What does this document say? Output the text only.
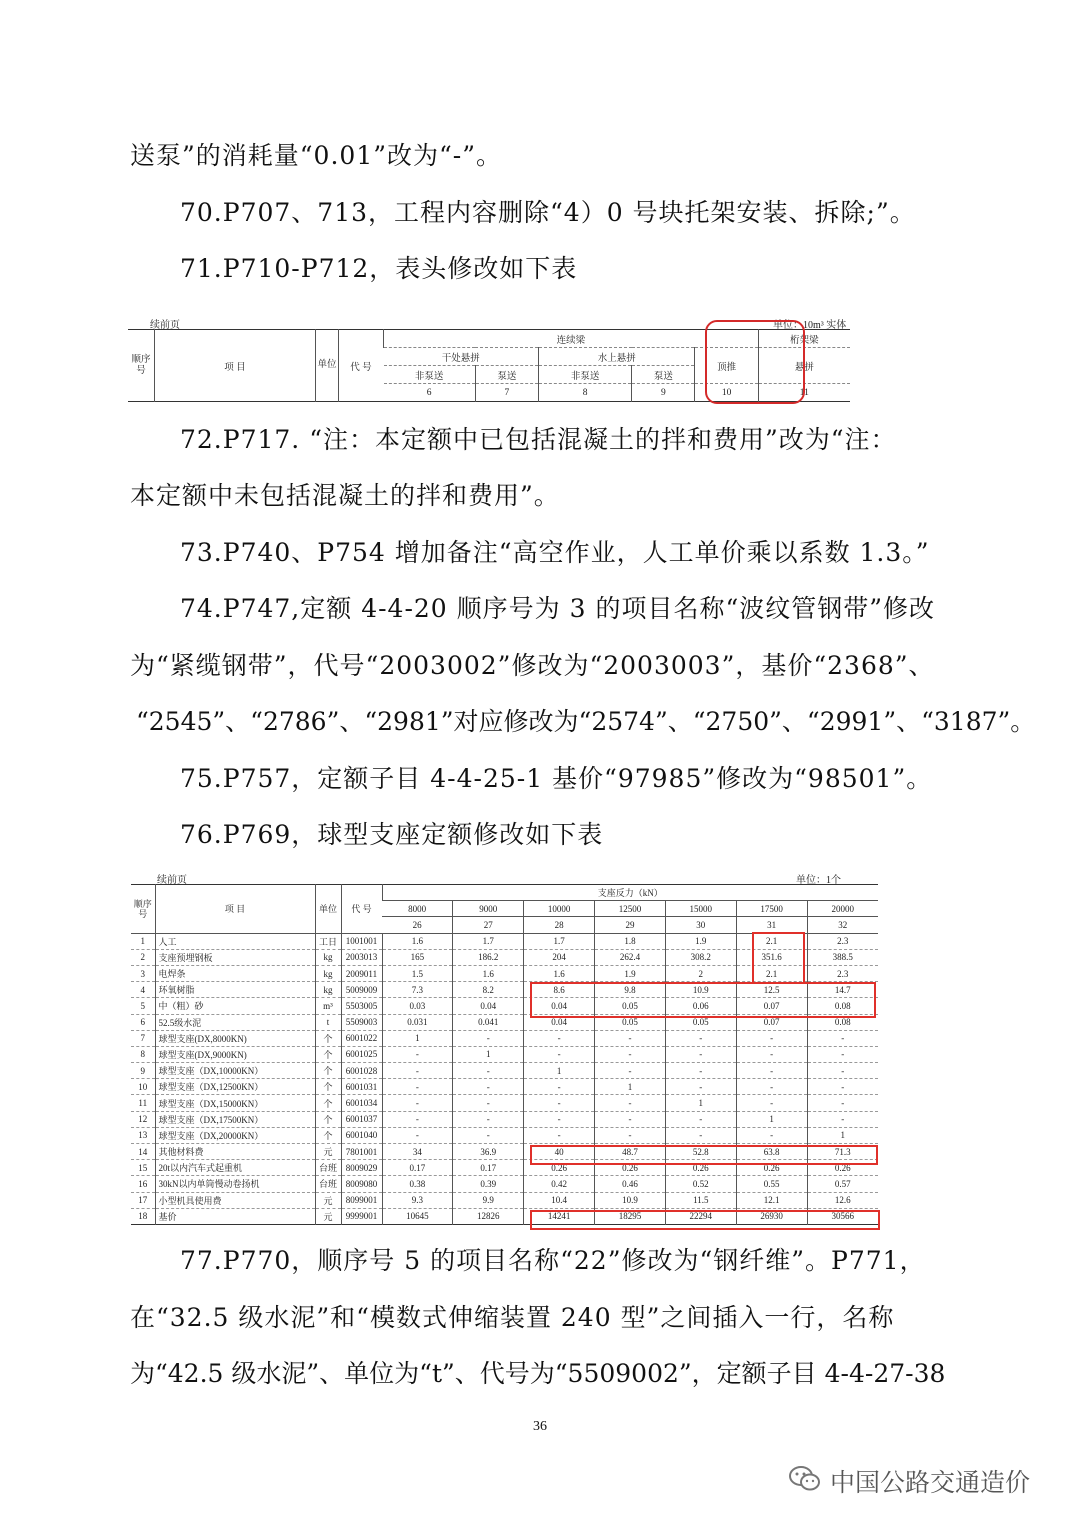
送泵”的消耗量“0.01”改为“-”。
70.P707、713，工程内容删除“4）0 号块托架安装、拆除;”。
71.P710-P712，表头修改如下表
续前页	单位：10m³ 实体
顺序号	项 目	单位	代 号	连续梁					桁架梁
				干处悬拼		水上悬拼		顶推	悬拼
				非泵送	泵送	非泵送	泵送		
				6	7	8	9	10	11
72.P717. “注：本定额中已包括混凝土的拌和费用”改为“注：
本定额中未包括混凝土的拌和费用”。
73.P740、P754 增加备注“高空作业，人工单价乘以系数 1.3。”
74.P747,定额 4-4-20 顺序号为 3 的项目名称“波纹管钢带”修改
为“紧缆钢带”，代号“2003002”修改为“2003003”，基价“2368”、
“2545”、“2786”、“2981”对应修改为“2574”、“2750”、“2991”、“3187”。
75.P757，定额子目 4-4-25-1 基价“97985”修改为“98501”。
76.P769，球型支座定额修改如下表
续前页	单位：1个
顺序号	项 目	单位	代 号	支座反力（kN）						
				8000	9000	10000	12500	15000	17500	20000
				26	27	28	29	30	31	32
1	人工	工日	1001001	1.6	1.7	1.7	1.8	1.9	2.1	2.3
2	支座预埋钢板	kg	2003013	165	186.2	204	262.4	308.2	351.6	388.5
3	电焊条	kg	2009011	1.5	1.6	1.6	1.9	2	2.1	2.3
4	环氧树脂	kg	5009009	7.3	8.2	8.6	9.8	10.9	12.5	14.7
5	中（粗）砂	m³	5503005	0.03	0.04	0.04	0.05	0.06	0.07	0.08
6	52.5级水泥	t	5509003	0.031	0.041	0.04	0.05	0.05	0.07	0.08
7	球型支座(DX,8000KN)	个	6001022	1	-	-	-	-	-	-
8	球型支座(DX,9000KN)	个	6001025	-	1	-	-	-	-	-
9	球型支座（DX,10000KN）	个	6001028	-	-	1	-	-	-	-
10	球型支座（DX,12500KN）	个	6001031	-	-	-	1	-	-	-
11	球型支座（DX,15000KN）	个	6001034	-	-	-	-	1	-	-
12	球型支座（DX,17500KN）	个	6001037	-	-	-	-	-	1	-
13	球型支座（DX,20000KN）	个	6001040	-	-	-	-	-	-	1
14	其他材料费	元	7801001	34	36.9	40	48.7	52.8	63.8	71.3
15	20t以内汽车式起重机	台班	8009029	0.17	0.17	0.26	0.26	0.26	0.26	0.26
16	30kN以内单筒慢动卷扬机	台班	8009080	0.38	0.39	0.42	0.46	0.52	0.55	0.57
17	小型机具使用费	元	8099001	9.3	9.9	10.4	10.9	11.5	12.1	12.6
18	基价	元	9999001	10645	12826	14241	18295	22294	26930	30566
77.P770，顺序号 5 的项目名称“22”修改为“钢纤维”。P771，
在“32.5 级水泥”和“模数式伸缩装置 240 型”之间插入一行，名称
为“42.5 级水泥”、单位为“t”、代号为“5509002”，定额子目 4-4-27-38
36
中国公路交通造价
